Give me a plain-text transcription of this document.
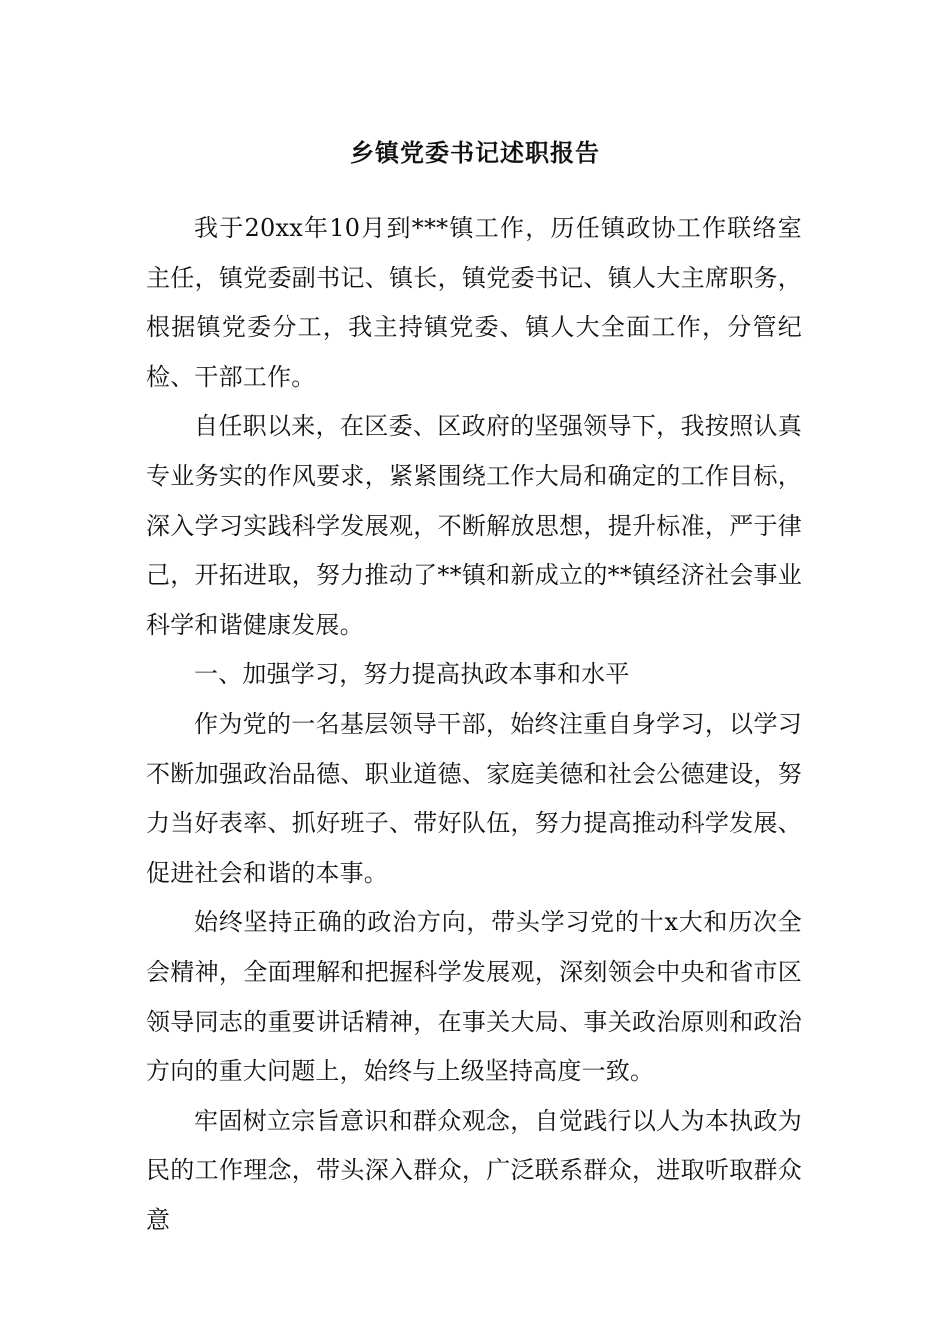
乡镇党委书记述职报告

我于20xx年10月到***镇工作，历任镇政协工作联络室主任，镇党委副书记、镇长，镇党委书记、镇人大主席职务，根据镇党委分工，我主持镇党委、镇人大全面工作，分管纪检、干部工作。

自任职以来，在区委、区政府的坚强领导下，我按照认真专业务实的作风要求，紧紧围绕工作大局和确定的工作目标，深入学习实践科学发展观，不断解放思想，提升标准，严于律己，开拓进取，努力推动了**镇和新成立的**镇经济社会事业科学和谐健康发展。

一、加强学习，努力提高执政本事和水平

作为党的一名基层领导干部，始终注重自身学习，以学习不断加强政治品德、职业道德、家庭美德和社会公德建设，努力当好表率、抓好班子、带好队伍，努力提高推动科学发展、促进社会和谐的本事。

始终坚持正确的政治方向，带头学习党的十x大和历次全会精神，全面理解和把握科学发展观，深刻领会中央和省市区领导同志的重要讲话精神，在事关大局、事关政治原则和政治方向的重大问题上，始终与上级坚持高度一致。

牢固树立宗旨意识和群众观念，自觉践行以人为本执政为民的工作理念，带头深入群众，广泛联系群众，进取听取群众意
